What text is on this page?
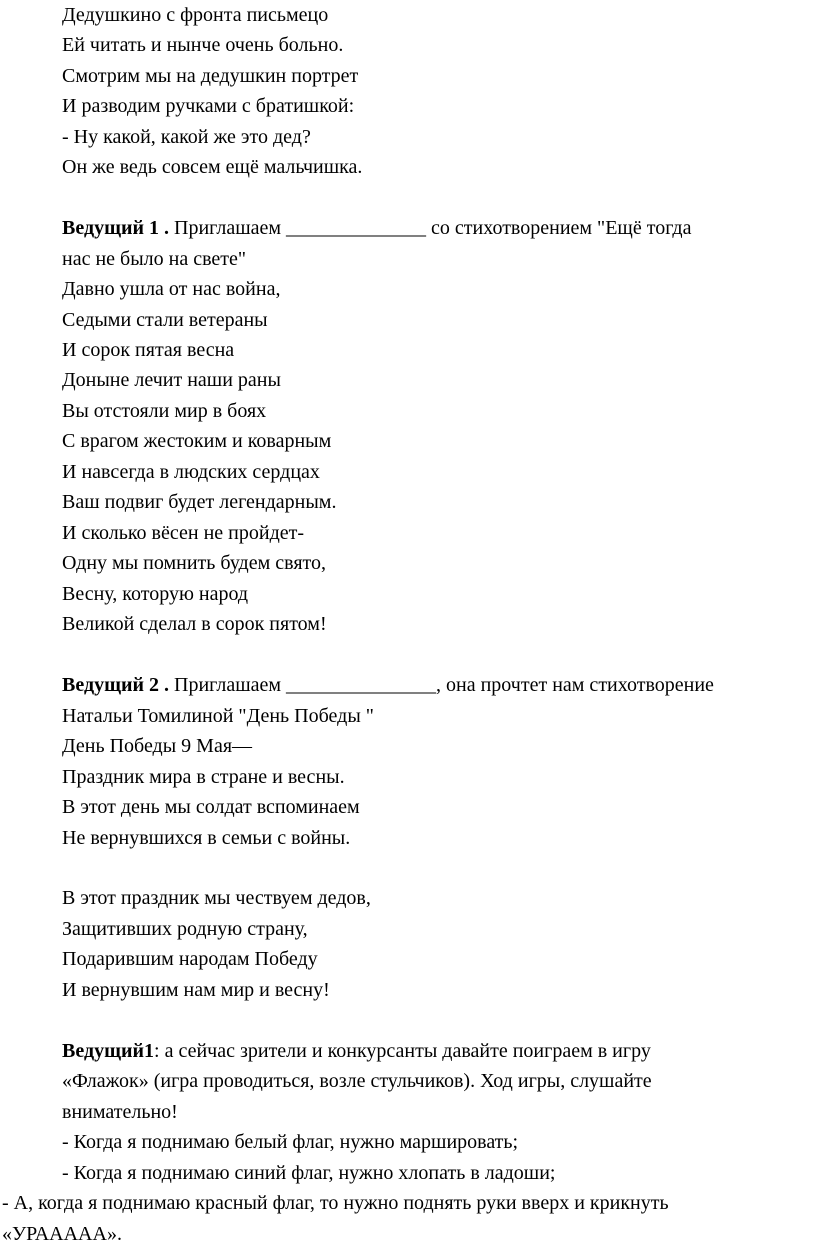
Дедушкино с фронта письмецо
Ей читать и нынче очень больно.
Смотрим мы на дедушкин портрет
И разводим ручками с братишкой:
- Ну какой, какой же это дед?
Он же ведь совсем ещё мальчишка.
Ведущий 1 . Приглашаем ______________ со стихотворением "Ещё тогда
нас не было на свете"
Давно ушла от нас война,
Седыми стали ветераны
И сорок пятая весна
Доныне лечит наши раны
Вы отстояли мир в боях
С врагом жестоким и коварным
И навсегда в людских сердцах
Ваш подвиг будет легендарным.
И сколько вёсен не пройдет-
Одну мы помнить будем свято,
Весну, которую народ
Великой сделал в сорок пятом!
Ведущий 2 . Приглашаем _______________, она прочтет нам стихотворение
Натальи Томилиной "День Победы "
День Победы 9 Мая—
Праздник мира в стране и весны.
В этот день мы солдат вспоминаем
Не вернувшихся в семьи с войны.
В этот праздник мы чествуем дедов,
Защитивших родную страну,
Подарившим народам Победу
И вернувшим нам мир и весну!
Ведущий1: а сейчас зрители и конкурсанты давайте поиграем в игру
«Флажок» (игра проводиться, возле стульчиков). Ход игры, слушайте
внимательно!
- Когда я поднимаю белый флаг, нужно маршировать;
- Когда я поднимаю синий флаг, нужно хлопать в ладоши;
- А, когда я поднимаю красный флаг, то нужно поднять руки вверх и крикнуть
«УРААААА».
